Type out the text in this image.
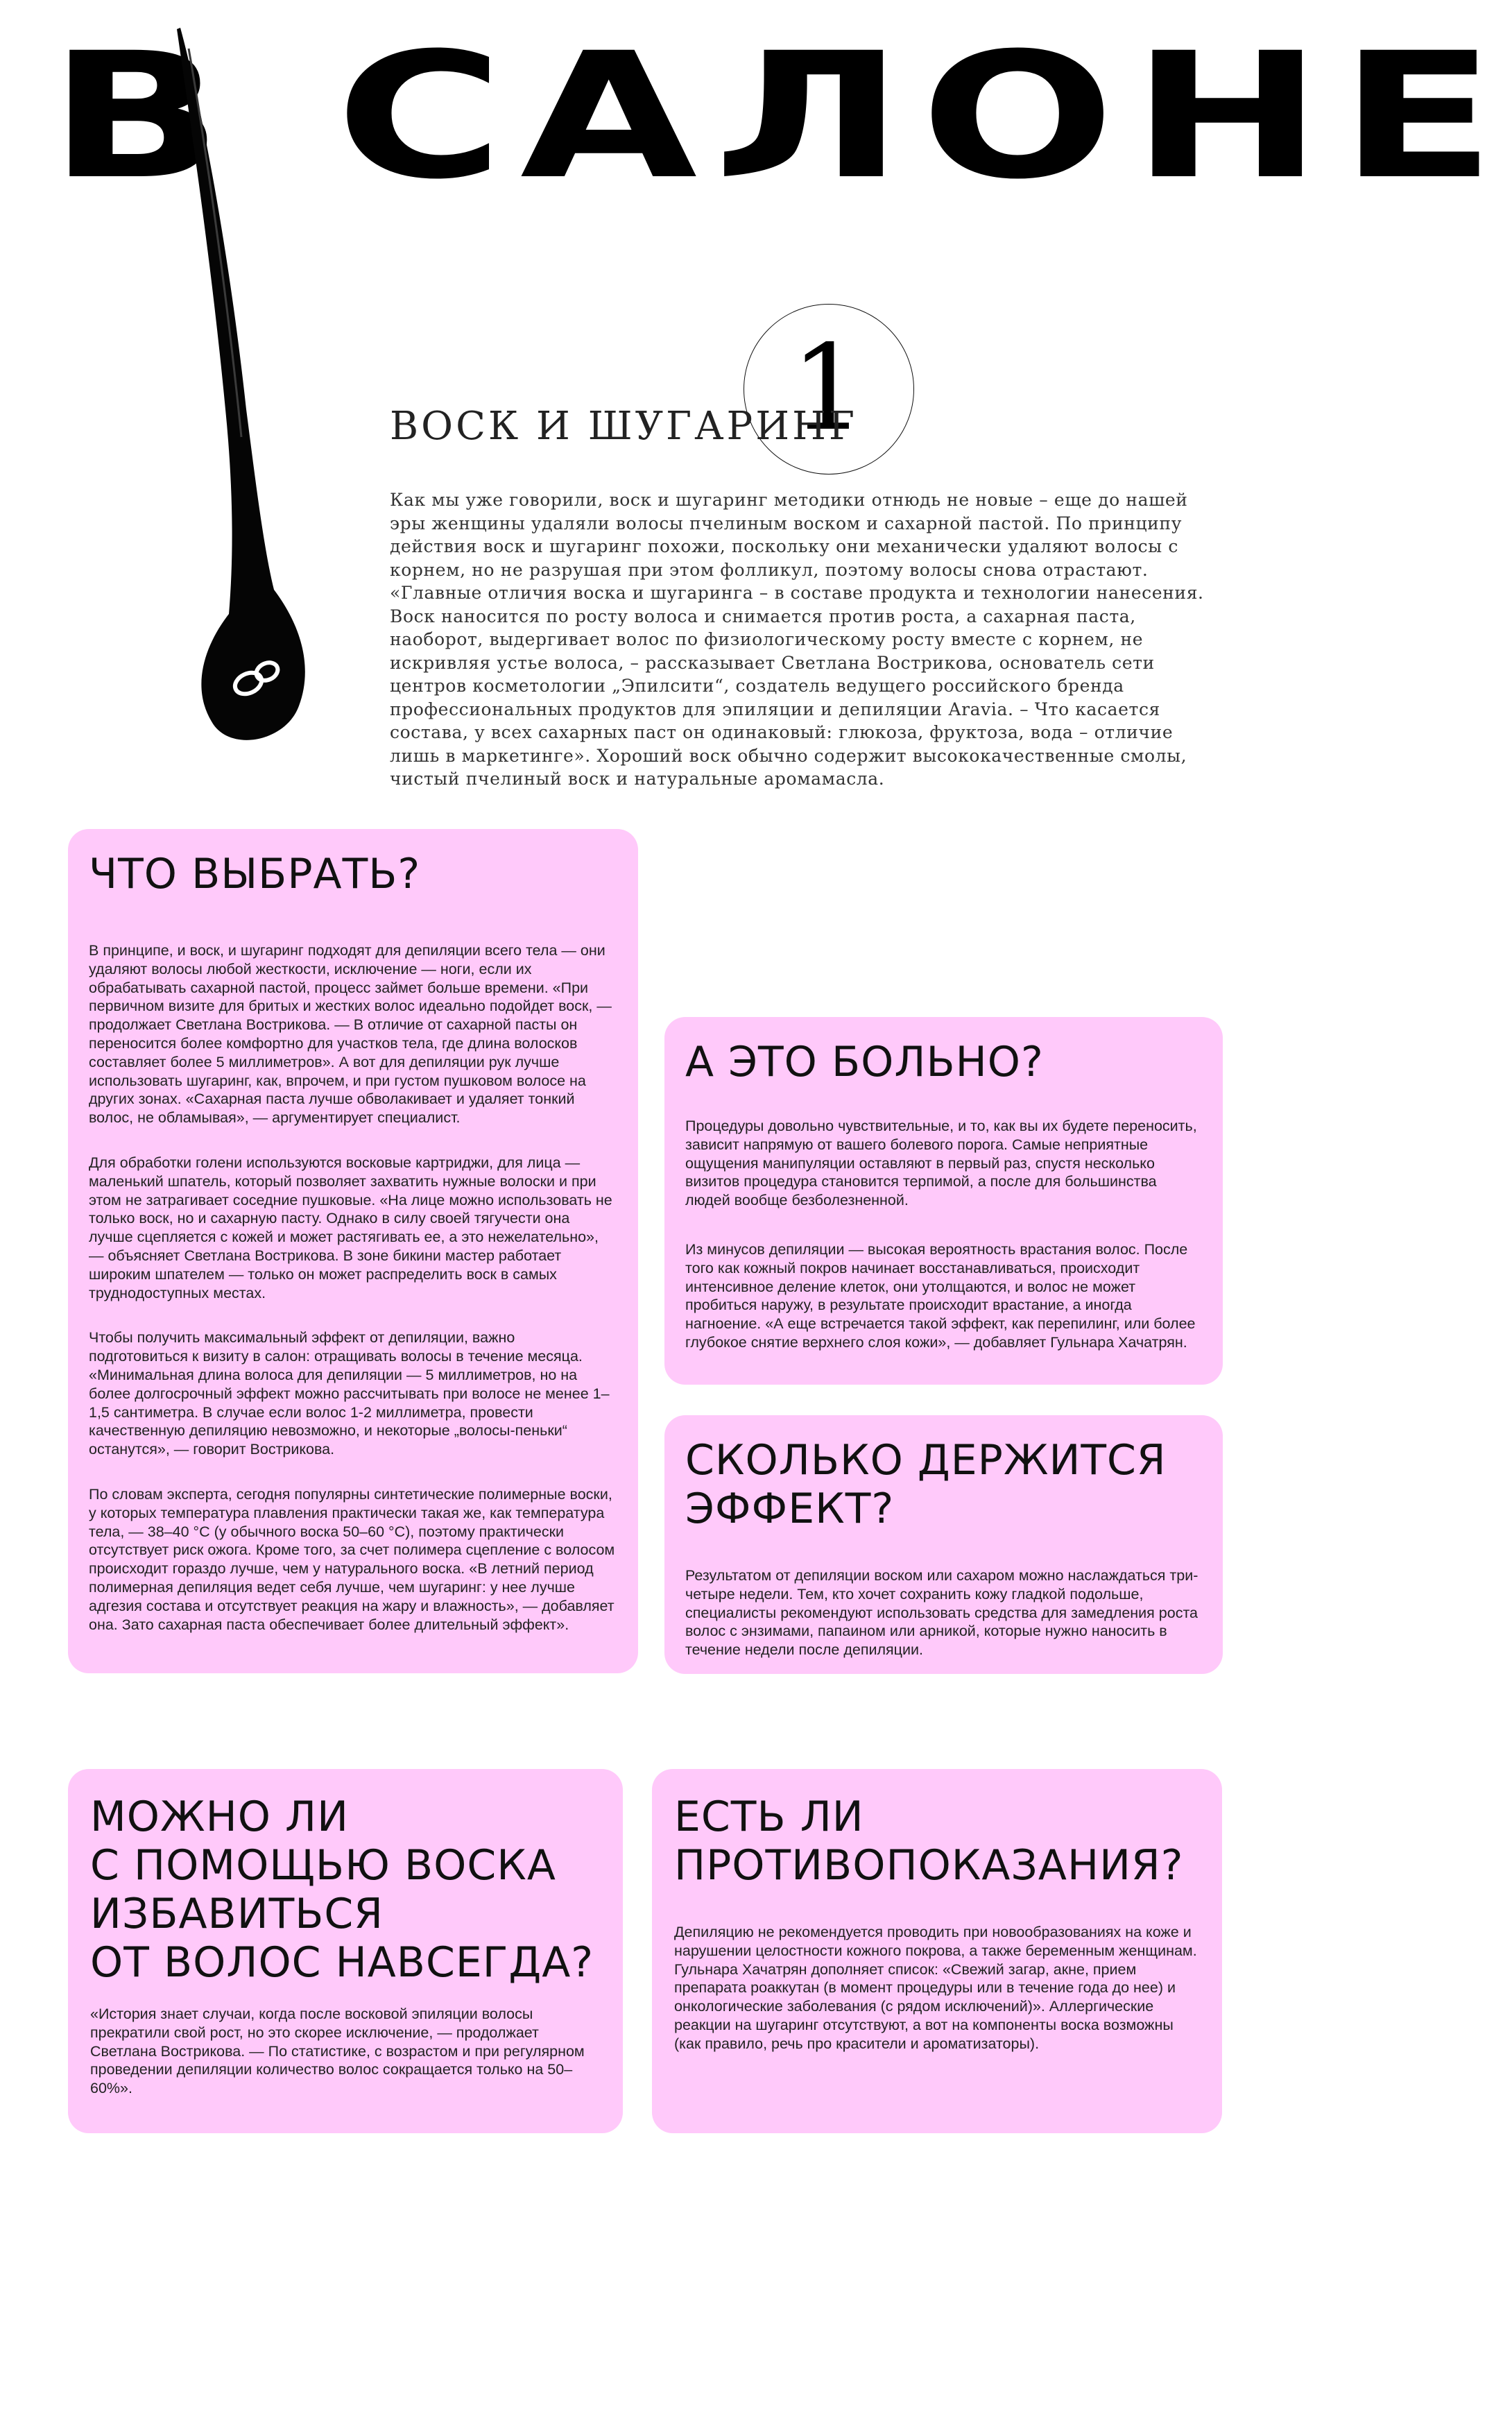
В САЛОНЕ
1
ВОСК И ШУГАРИНГ

Как мы уже говорили, воск и шугаринг методики отнюдь не новые – еще до нашей эры женщины удаляли волосы пчелиным воском и сахарной пастой. По принципу действия воск и шугаринг похожи, поскольку они механически удаляют волосы с корнем, но не разрушая при этом фолликул, поэтому волосы снова отрастают. «Главные отличия воска и шугаринга – в составе продукта и технологии нанесения. Воск наносится по росту волоса и снимается против роста, а сахарная паста, наоборот, выдергивает волос по физиологическому росту вместе с корнем, не искривляя устье волоса, – рассказывает Светлана Вострикова, основатель сети центров косметологии „Эпилсити“, создатель ведущего российского бренда профессиональных продуктов для эпиляции и депиляции Aravia. – Что касается состава, у всех сахарных паст он одинаковый: глюкоза, фруктоза, вода – отличие лишь в маркетинге». Хороший воск обычно содержит высококачественные смолы, чистый пчелиный воск и натуральные аромамасла.

ЧТО ВЫБРАТЬ?

В принципе, и воск, и шугаринг подходят для депиляции всего тела — они удаляют волосы любой жесткости, исключение — ноги, если их обрабатывать сахарной пастой, процесс займет больше времени. «При первичном визите для бритых и жестких волос идеально подойдет воск, — продолжает Светлана Вострикова. — В отличие от сахарной пасты он переносится более комфортно для участков тела, где длина волосков составляет более 5 миллиметров». А вот для депиляции рук лучше использовать шугаринг, как, впрочем, и при густом пушковом волосе на других зонах. «Сахарная паста лучше обволакивает и удаляет тонкий волос, не обламывая», — аргументирует специалист.

Для обработки голени используются восковые картриджи, для лица — маленький шпатель, который позволяет захватить нужные волоски и при этом не затрагивает соседние пушковые. «На лице можно использовать не только воск, но и сахарную пасту. Однако в силу своей тягучести она лучше сцепляется с кожей и может растягивать ее, а это нежелательно», — объясняет Светлана Вострикова. В зоне бикини мастер работает широким шпателем — только он может распределить воск в самых труднодоступных местах.

Чтобы получить максимальный эффект от депиляции, важно подготовиться к визиту в салон: отращивать волосы в течение месяца. «Минимальная длина волоса для депиляции — 5 миллиметров, но на более долгосрочный эффект можно рассчитывать при волосе не менее 1–1,5 сантиметра. В случае если волос 1-2 миллиметра, провести качественную депиляцию невозможно, и некоторые „волосы-пеньки“ останутся», — говорит Вострикова.

По словам эксперта, сегодня популярны синтетические полимерные воски, у которых температура плавления практически такая же, как температура тела, — 38–40 °С (у обычного воска 50–60 °С), поэтому практически отсутствует риск ожога. Кроме того, за счет полимера сцепление с волосом происходит гораздо лучше, чем у натурального воска. «В летний период полимерная депиляция ведет себя лучше, чем шугаринг: у нее лучше адгезия состава и отсутствует реакция на жару и влажность», — добавляет она. Зато сахарная паста обеспечивает более длительный эффект».

А ЭТО БОЛЬНО?

Процедуры довольно чувствительные, и то, как вы их будете переносить, зависит напрямую от вашего болевого порога. Самые неприятные ощущения манипуляции оставляют в первый раз, спустя несколько визитов процедура становится терпимой, а после для большинства людей вообще безболезненной.

Из минусов депиляции — высокая вероятность врастания волос. После того как кожный покров начинает восстанавливаться, происходит интенсивное деление клеток, они утолщаются, и волос не может пробиться наружу, в результате происходит врастание, а иногда нагноение. «А еще встречается такой эффект, как перепилинг, или более глубокое снятие верхнего слоя кожи», — добавляет Гульнара Хачатрян.

СКОЛЬКО ДЕРЖИТСЯ
ЭФФЕКТ?

Результатом от депиляции воском или сахаром можно наслаждаться три-четыре недели. Тем, кто хочет сохранить кожу гладкой подольше, специалисты рекомендуют использовать средства для замедления роста волос с энзимами, папаином или арникой, которые нужно наносить в течение недели после депиляции.

МОЖНО ЛИ
С ПОМОЩЬЮ ВОСКА
ИЗБАВИТЬСЯ
ОТ ВОЛОС НАВСЕГДА?

«История знает случаи, когда после восковой эпиляции волосы прекратили свой рост, но это скорее исключение, — продолжает Светлана Вострикова. — По статистике, с возрастом и при регулярном проведении депиляции количество волос сокращается только на 50–60%».

ЕСТЬ ЛИ
ПРОТИВОПОКАЗАНИЯ?

Депиляцию не рекомендуется проводить при новообразованиях на коже и нарушении целостности кожного покрова, а также беременным женщинам. Гульнара Хачатрян дополняет список: «Свежий загар, акне, прием препарата роаккутан (в момент процедуры или в течение года до нее) и онкологические заболевания (с рядом исключений)». Аллергические реакции на шугаринг отсутствуют, а вот на компоненты воска возможны (как правило, речь про красители и ароматизаторы).
